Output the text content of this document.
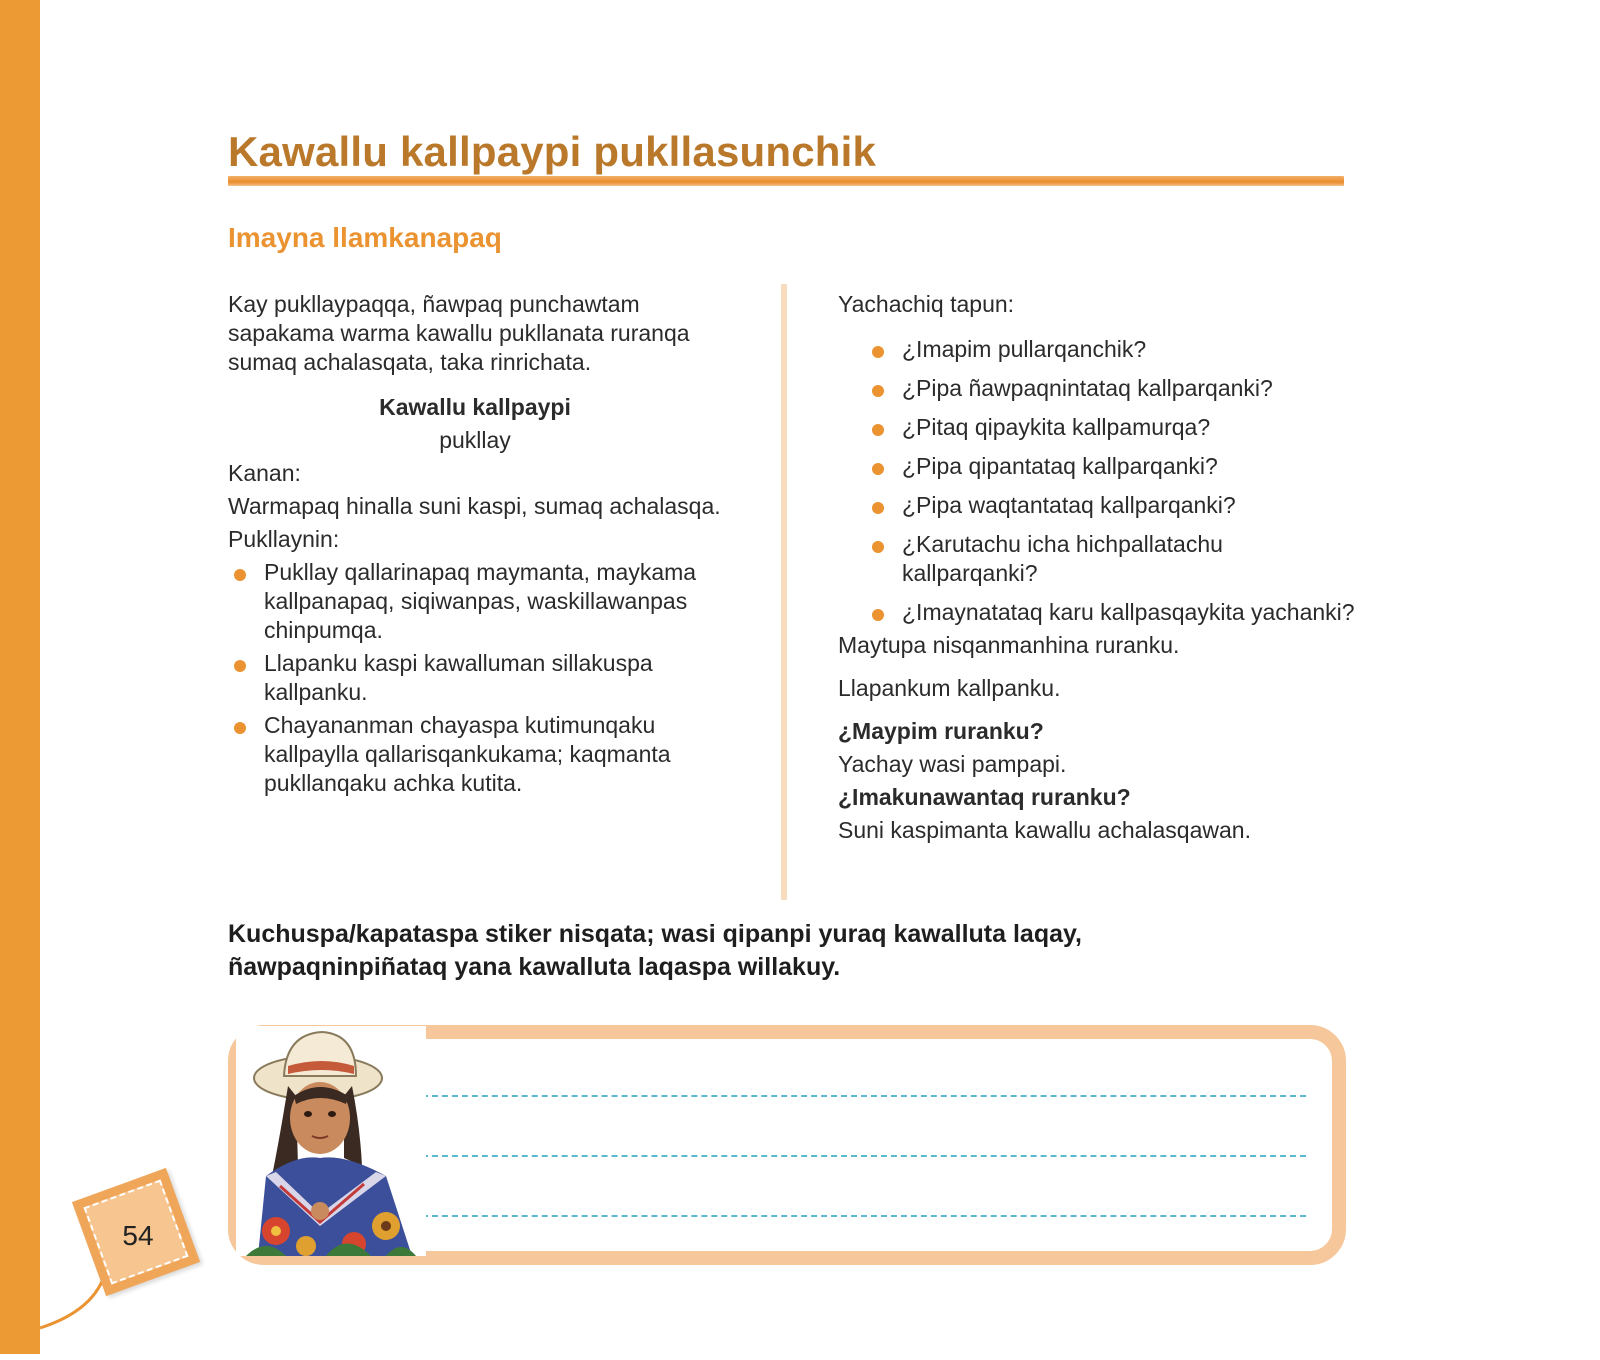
Kawallu kallpaypi pukllasunchik
Imayna llamkanapaq

Kay pukllaypaqqa, ñawpaq punchawtam sapakama warma kawallu pukllanata ruranqa sumaq achalasqata, taka rinrichata.

Kawallu kallpaypi

pukllay

Kanan:

Warmapaq hinalla suni kaspi, sumaq achalasqa.

Pukllaynin:

Pukllay qallarinapaq maymanta, maykama kallpanapaq, siqiwanpas, waskillawanpas chinpumqa.
Llapanku kaspi kawalluman sillakuspa kallpanku.
Chayananman chayaspa kutimunqaku kallpaylla qallarisqankukama; kaqmanta pukllanqaku achka kutita.

Yachachiq tapun:

¿Imapim pullarqanchik?
¿Pipa ñawpaqnintataq kallparqanki?
¿Pitaq qipaykita kallpamurqa?
¿Pipa qipantataq kallparqanki?
¿Pipa waqtantataq kallparqanki?
¿Karutachu icha hichpallatachu kallparqanki?
¿Imaynatataq karu kallpasqaykita yachanki?

Maytupa nisqanmanhina ruranku.

Llapankum kallpanku.

¿Maypim ruranku?

Yachay wasi pampapi.

¿Imakunawantaq ruranku?

Suni kaspimanta kawallu achalasqawan.

Kuchuspa/kapataspa stiker nisqata; wasi qipanpi yuraq kawalluta laqay,
ñawpaqninpiñataq yana kawalluta laqaspa willakuy.

54
